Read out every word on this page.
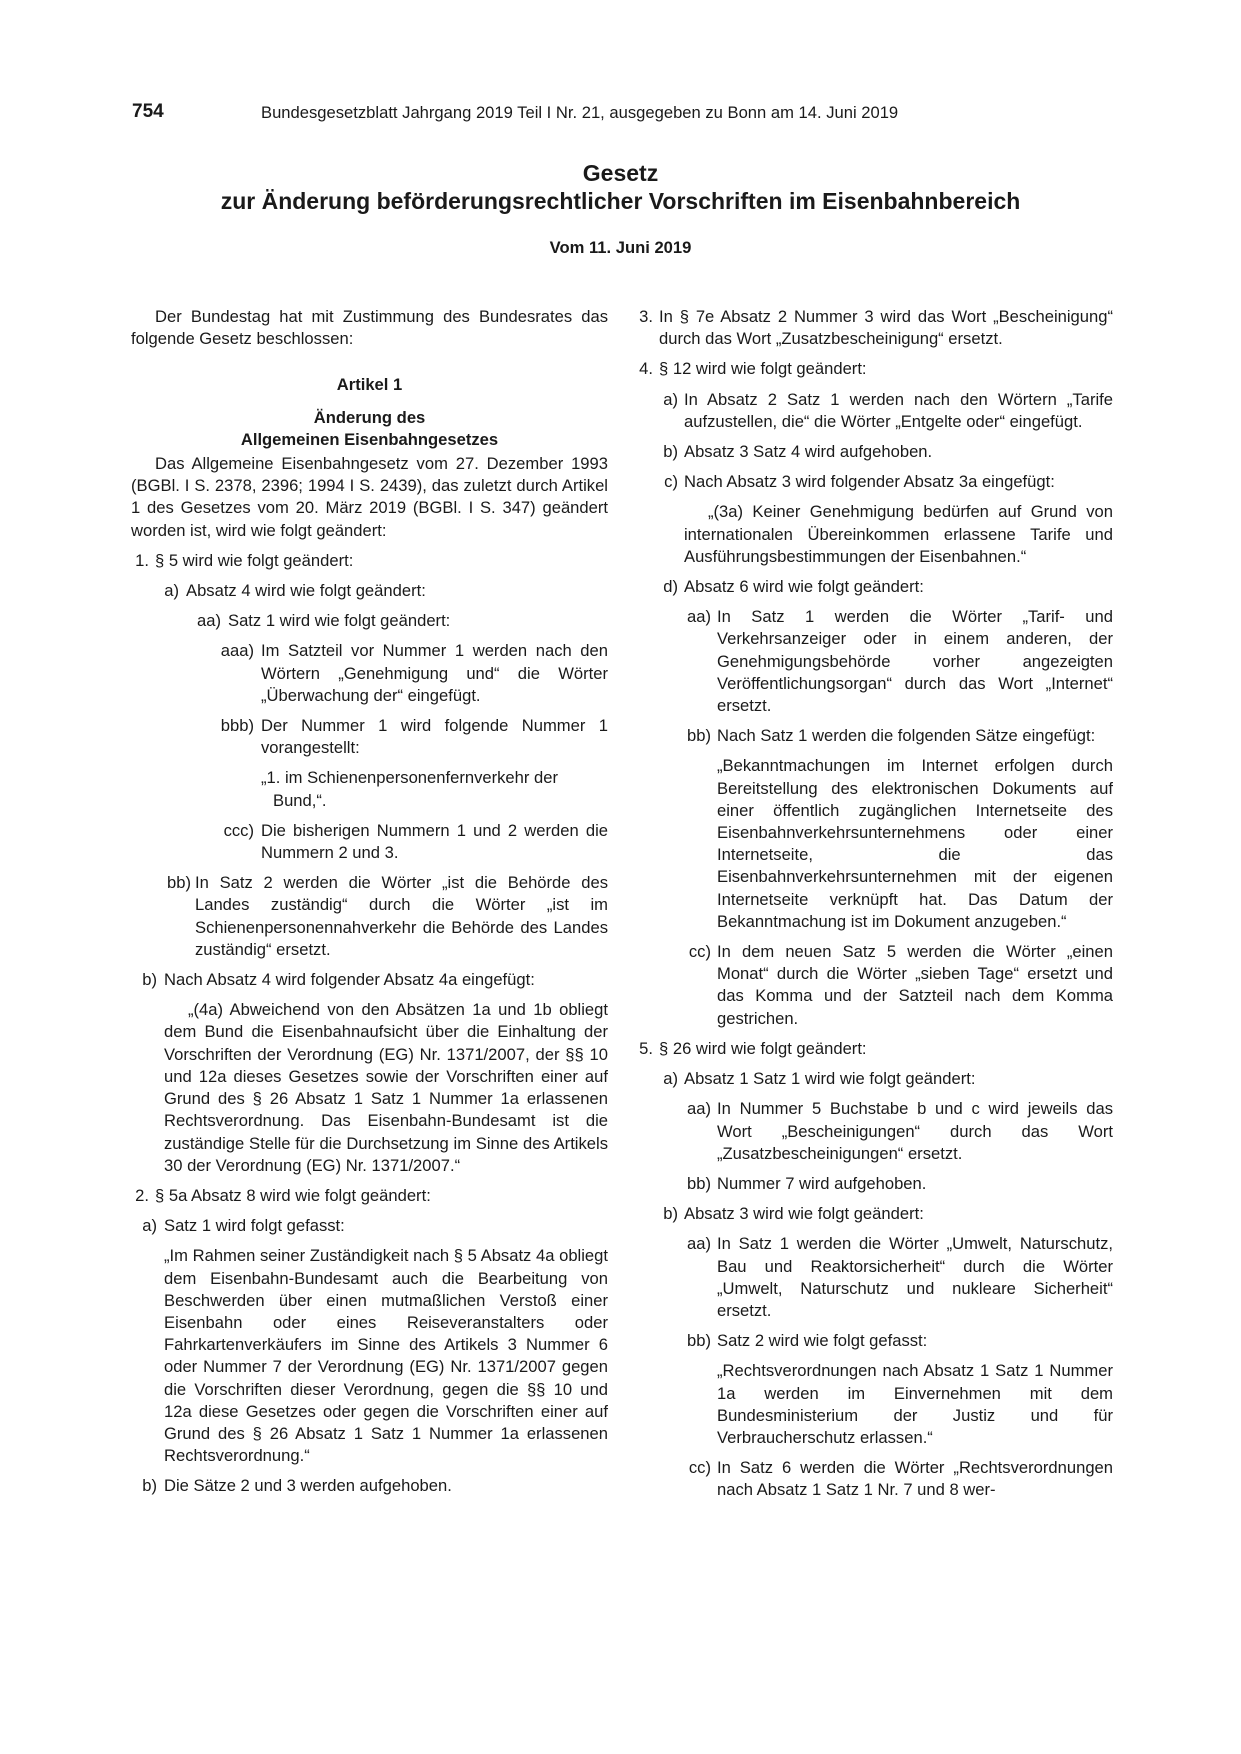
754	Bundesgesetzblatt Jahrgang 2019 Teil I Nr. 21, ausgegeben zu Bonn am 14. Juni 2019
Gesetz
zur Änderung beförderungsrechtlicher Vorschriften im Eisenbahnbereich
Vom 11. Juni 2019

Der Bundestag hat mit Zustimmung des Bundesrates das folgende Gesetz beschlossen:

Artikel 1

Änderung des

Allgemeinen Eisenbahngesetzes

Das Allgemeine Eisenbahngesetz vom 27. Dezember 1993 (BGBl. I S. 2378, 2396; 1994 I S. 2439), das zuletzt durch Artikel 1 des Gesetzes vom 20. März 2019 (BGBl. I S. 347) geändert worden ist, wird wie folgt geändert:

1. § 5 wird wie folgt geändert:

a) Absatz 4 wird wie folgt geändert:

aa) Satz 1 wird wie folgt geändert:

aaa) Im Satzteil vor Nummer 1 werden nach den Wörtern „Genehmigung und“ die Wörter „Überwachung der“ eingefügt.

bbb) Der Nummer 1 wird folgende Nummer 1 vorangestellt:

„1. im Schienenpersonenfernverkehr der Bund,“.

ccc) Die bisherigen Nummern 1 und 2 werden die Nummern 2 und 3.

bb) In Satz 2 werden die Wörter „ist die Behörde des Landes zuständig“ durch die Wörter „ist im Schienenpersonennahverkehr die Behörde des Landes zuständig“ ersetzt.

b) Nach Absatz 4 wird folgender Absatz 4a eingefügt:

„(4a) Abweichend von den Absätzen 1a und 1b obliegt dem Bund die Eisenbahnaufsicht über die Einhaltung der Vorschriften der Verordnung (EG) Nr. 1371/2007, der §§ 10 und 12a dieses Gesetzes sowie der Vorschriften einer auf Grund des § 26 Absatz 1 Satz 1 Nummer 1a erlassenen Rechtsverordnung. Das Eisenbahn-Bundesamt ist die zuständige Stelle für die Durchsetzung im Sinne des Artikels 30 der Verordnung (EG) Nr. 1371/2007.“

2. § 5a Absatz 8 wird wie folgt geändert:

a) Satz 1 wird folgt gefasst:

„Im Rahmen seiner Zuständigkeit nach § 5 Absatz 4a obliegt dem Eisenbahn-Bundesamt auch die Bearbeitung von Beschwerden über einen mutmaßlichen Verstoß einer Eisenbahn oder eines Reiseveranstalters oder Fahrkartenverkäufers im Sinne des Artikels 3 Nummer 6 oder Nummer 7 der Verordnung (EG) Nr. 1371/2007 gegen die Vorschriften dieser Verordnung, gegen die §§ 10 und 12a diese Gesetzes oder gegen die Vorschriften einer auf Grund des § 26 Absatz 1 Satz 1 Nummer 1a erlassenen Rechtsverordnung.“

b) Die Sätze 2 und 3 werden aufgehoben.

3. In § 7e Absatz 2 Nummer 3 wird das Wort „Bescheinigung“ durch das Wort „Zusatzbescheinigung“ ersetzt.

4. § 12 wird wie folgt geändert:

a) In Absatz 2 Satz 1 werden nach den Wörtern „Tarife aufzustellen, die“ die Wörter „Entgelte oder“ eingefügt.

b) Absatz 3 Satz 4 wird aufgehoben.

c) Nach Absatz 3 wird folgender Absatz 3a eingefügt:

„(3a) Keiner Genehmigung bedürfen auf Grund von internationalen Übereinkommen erlassene Tarife und Ausführungsbestimmungen der Eisenbahnen.“

d) Absatz 6 wird wie folgt geändert:

aa) In Satz 1 werden die Wörter „Tarif- und Verkehrsanzeiger oder in einem anderen, der Genehmigungsbehörde vorher angezeigten Veröffentlichungsorgan“ durch das Wort „Internet“ ersetzt.

bb) Nach Satz 1 werden die folgenden Sätze eingefügt:

„Bekanntmachungen im Internet erfolgen durch Bereitstellung des elektronischen Dokuments auf einer öffentlich zugänglichen Internetseite des Eisenbahnverkehrsunternehmens oder einer Internetseite, die das Eisenbahnverkehrsunternehmen mit der eigenen Internetseite verknüpft hat. Das Datum der Bekanntmachung ist im Dokument anzugeben.“

cc) In dem neuen Satz 5 werden die Wörter „einen Monat“ durch die Wörter „sieben Tage“ ersetzt und das Komma und der Satzteil nach dem Komma gestrichen.

5. § 26 wird wie folgt geändert:

a) Absatz 1 Satz 1 wird wie folgt geändert:

aa) In Nummer 5 Buchstabe b und c wird jeweils das Wort „Bescheinigungen“ durch das Wort „Zusatzbescheinigungen“ ersetzt.

bb) Nummer 7 wird aufgehoben.

b) Absatz 3 wird wie folgt geändert:

aa) In Satz 1 werden die Wörter „Umwelt, Naturschutz, Bau und Reaktorsicherheit“ durch die Wörter „Umwelt, Naturschutz und nukleare Sicherheit“ ersetzt.

bb) Satz 2 wird wie folgt gefasst:

„Rechtsverordnungen nach Absatz 1 Satz 1 Nummer 1a werden im Einvernehmen mit dem Bundesministerium der Justiz und für Verbraucherschutz erlassen.“

cc) In Satz 6 werden die Wörter „Rechtsverordnungen nach Absatz 1 Satz 1 Nr. 7 und 8 wer-
